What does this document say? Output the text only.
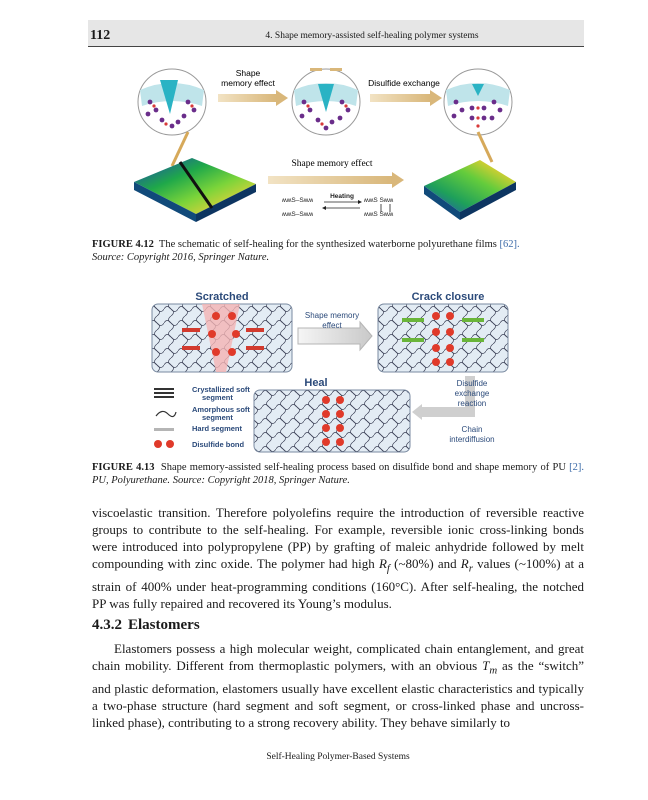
112	4. Shape memory-assisted self-healing polymer systems
Shape memory effect	Disulfide exchange
Shape memory effect
ʍʍS–Sʍʍ
ʍʍS–Sʍʍ
Heating
ʍʍS Sʍʍ
ʍʍS Sʍʍ
FIGURE 4.12 The schematic of self-healing for the synthesized waterborne polyurethane films [62].
Source: Copyright 2016, Springer Nature.
Scratched	Crack closure
Shape memory effect
Heal	Disulfide exchange reaction
Chain interdiffusion
Crystallized soft segment
Amorphous soft segment
Hard segment
Disulfide bond
FIGURE 4.13 Shape memory-assisted self-healing process based on disulfide bond and shape memory of PU [2]. PU, Polyurethane. Source: Copyright 2018, Springer Nature.

viscoelastic transition. Therefore polyolefins require the introduction of reversible reactive groups to contribute to the self-healing. For example, reversible ionic cross-linking bonds were introduced into polypropylene (PP) by grafting of maleic anhydride followed by melt compounding with zinc oxide. The polymer had high $R_f$ (~80%) and $R_r$ values (~100%) at a strain of 400% under heat-programming conditions (160°C). After self-healing, the notched PP was fully repaired and recovered its Young’s modulus.

4.3.2 Elastomers

Elastomers possess a high molecular weight, complicated chain entanglement, and great chain mobility. Different from thermoplastic polymers, with an obvious $T_m$ as the “switch” and plastic deformation, elastomers usually have excellent elastic characteristics and typically a two-phase structure (hard segment and soft segment, or cross-linked phase and uncross-linked phase), contributing to a strong recovery ability. They behave similarly to

Self-Healing Polymer-Based Systems
